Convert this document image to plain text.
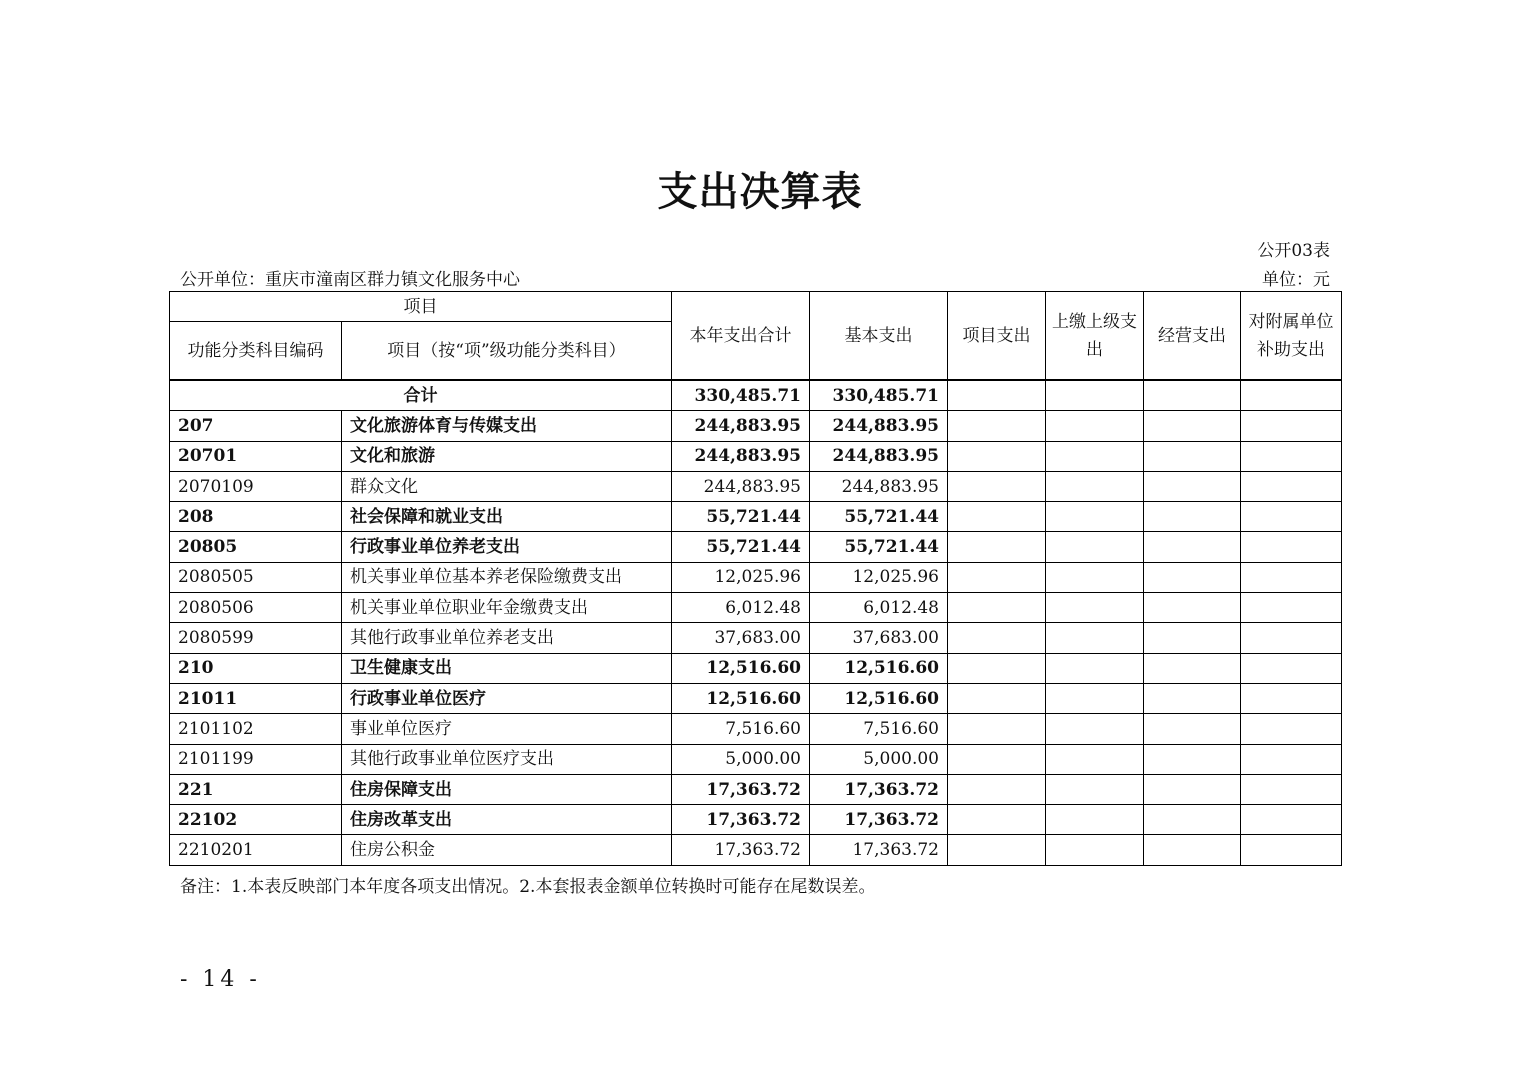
支出决算表
公开03表
公开单位：重庆市潼南区群力镇文化服务中心	单位：元
项目		本年支出合计	基本支出	项目支出	上缴上级支出	经营支出	对附属单位补助支出
功能分类科目编码	项目（按“项”级功能分类科目）						
合计		330,485.71	330,485.71				
207	文化旅游体育与传媒支出	244,883.95	244,883.95				
20701	文化和旅游	244,883.95	244,883.95				
2070109	群众文化	244,883.95	244,883.95				
208	社会保障和就业支出	55,721.44	55,721.44				
20805	行政事业单位养老支出	55,721.44	55,721.44				
2080505	机关事业单位基本养老保险缴费支出	12,025.96	12,025.96				
2080506	机关事业单位职业年金缴费支出	6,012.48	6,012.48				
2080599	其他行政事业单位养老支出	37,683.00	37,683.00				
210	卫生健康支出	12,516.60	12,516.60				
21011	行政事业单位医疗	12,516.60	12,516.60				
2101102	事业单位医疗	7,516.60	7,516.60				
2101199	其他行政事业单位医疗支出	5,000.00	5,000.00				
221	住房保障支出	17,363.72	17,363.72				
22102	住房改革支出	17,363.72	17,363.72				
2210201	住房公积金	17,363.72	17,363.72				
备注：1.本表反映部门本年度各项支出情况。2.本套报表金额单位转换时可能存在尾数误差。
- 14 -
